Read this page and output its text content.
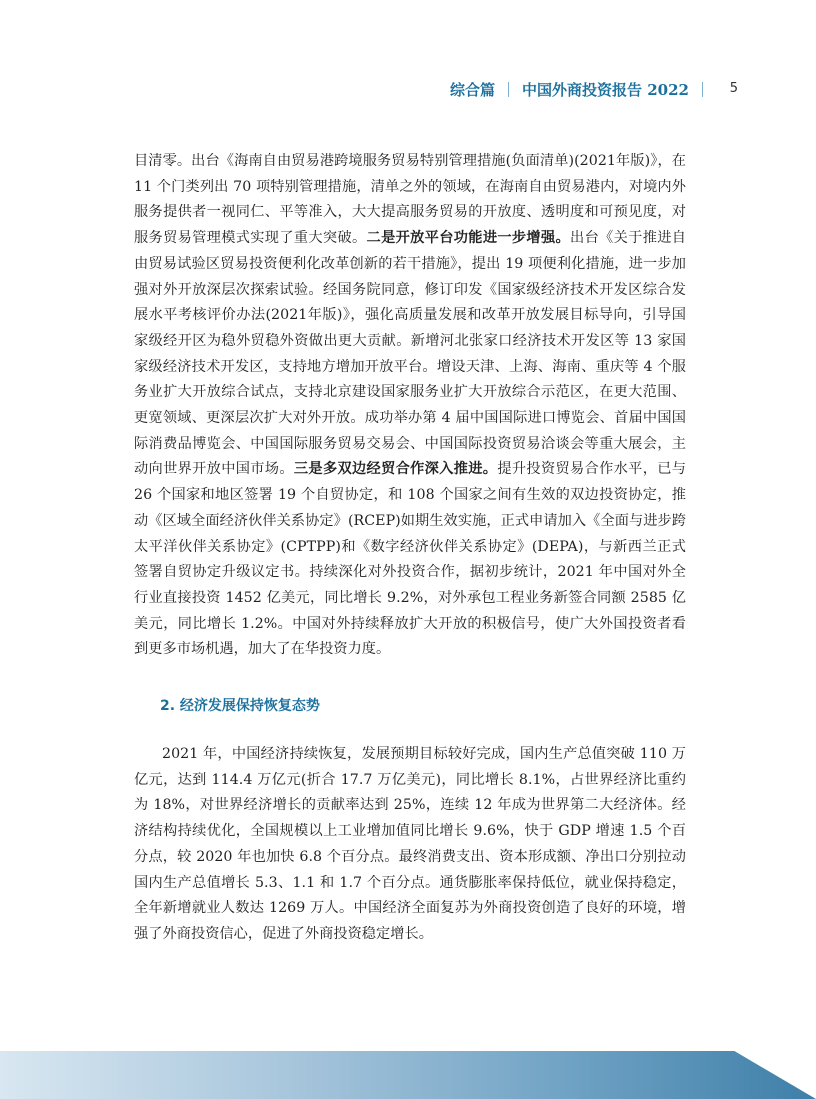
综合篇 中国外商投资报告 2022	5

目清零。出台《海南自由贸易港跨境服务贸易特别管理措施(负面清单)(2021年版)》，在 11 个门类列出 70 项特别管理措施，清单之外的领域，在海南自由贸易港内，对境内外服务提供者一视同仁、平等准入，大大提高服务贸易的开放度、透明度和可预见度，对服务贸易管理模式实现了重大突破。二是开放平台功能进一步增强。出台《关于推进自由贸易试验区贸易投资便利化改革创新的若干措施》，提出 19 项便利化措施，进一步加强对外开放深层次探索试验。经国务院同意，修订印发《国家级经济技术开发区综合发展水平考核评价办法(2021年版)》，强化高质量发展和改革开放发展目标导向，引导国家级经开区为稳外贸稳外资做出更大贡献。新增河北张家口经济技术开发区等 13 家国家级经济技术开发区，支持地方增加开放平台。增设天津、上海、海南、重庆等 4 个服务业扩大开放综合试点，支持北京建设国家服务业扩大开放综合示范区，在更大范围、更宽领域、更深层次扩大对外开放。成功举办第 4 届中国国际进口博览会、首届中国国际消费品博览会、中国国际服务贸易交易会、中国国际投资贸易洽谈会等重大展会，主动向世界开放中国市场。三是多双边经贸合作深入推进。提升投资贸易合作水平，已与 26 个国家和地区签署 19 个自贸协定，和 108 个国家之间有生效的双边投资协定，推动《区域全面经济伙伴关系协定》(RCEP)如期生效实施，正式申请加入《全面与进步跨太平洋伙伴关系协定》(CPTPP)和《数字经济伙伴关系协定》(DEPA)，与新西兰正式签署自贸协定升级议定书。持续深化对外投资合作，据初步统计，2021 年中国对外全行业直接投资 1452 亿美元，同比增长 9.2%，对外承包工程业务新签合同额 2585 亿美元，同比增长 1.2%。中国对外持续释放扩大开放的积极信号，使广大外国投资者看到更多市场机遇，加大了在华投资力度。

2. 经济发展保持恢复态势

2021 年，中国经济持续恢复，发展预期目标较好完成，国内生产总值突破 110 万亿元，达到 114.4 万亿元(折合 17.7 万亿美元)，同比增长 8.1%，占世界经济比重约为 18%，对世界经济增长的贡献率达到 25%，连续 12 年成为世界第二大经济体。经济结构持续优化，全国规模以上工业增加值同比增长 9.6%，快于 GDP 增速 1.5 个百分点，较 2020 年也加快 6.8 个百分点。最终消费支出、资本形成额、净出口分别拉动国内生产总值增长 5.3、1.1 和 1.7 个百分点。通货膨胀率保持低位，就业保持稳定，全年新增就业人数达 1269 万人。中国经济全面复苏为外商投资创造了良好的环境，增强了外商投资信心，促进了外商投资稳定增长。
